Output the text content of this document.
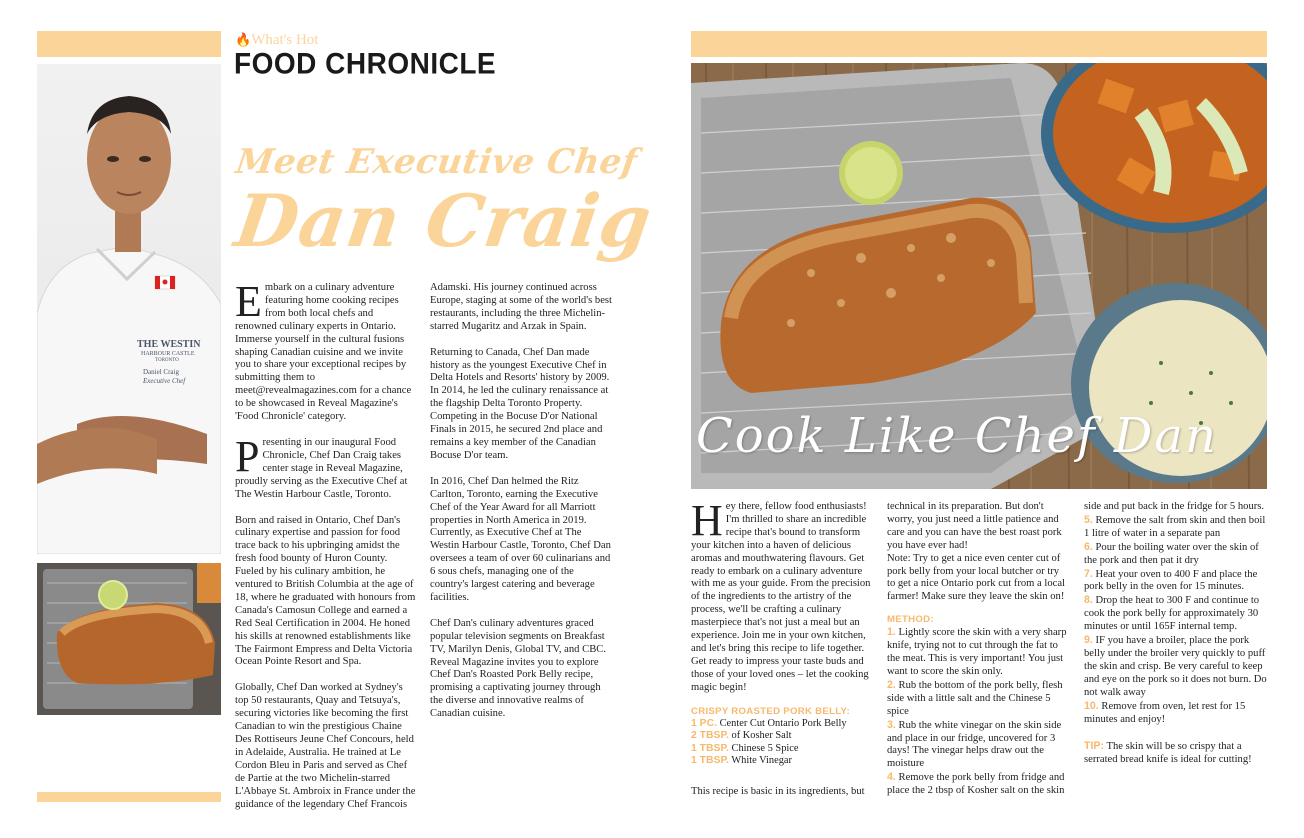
🔥What's Hot
FOOD CHRONICLE
THE WESTIN
HARBOUR CASTLE
TORONTO
Daniel Craig
Executive Chef
Meet Executive Chef
Dan Craig

Embark on a culinary adventure featuring home cooking recipes from both local chefs and renowned culinary experts in Ontario. Immerse yourself in the cultural fusions shaping Canadian cuisine and we invite you to share your exceptional recipes by submitting them to meet@revealmagazines.com for a chance to be showcased in Reveal Magazine's 'Food Chronicle' category.

Presenting in our inaugural Food Chronicle, Chef Dan Craig takes center stage in Reveal Magazine, proudly serving as the Executive Chef at The Westin Harbour Castle, Toronto.

Born and raised in Ontario, Chef Dan's culinary expertise and passion for food trace back to his upbringing amidst the fresh food bounty of Huron County. Fueled by his culinary ambition, he ventured to British Columbia at the age of 18, where he graduated with honours from Canada's Camosun College and earned a Red Seal Certification in 2004. He honed his skills at renowned establishments like The Fairmont Empress and Delta Victoria Ocean Pointe Resort and Spa.

Globally, Chef Dan worked at Sydney's top 50 restaurants, Quay and Tetsuya's, securing victories like becoming the first Canadian to win the prestigious Chaine Des Rottiseurs Jeune Chef Concours, held in Adelaide, Australia. He trained at Le Cordon Bleu in Paris and served as Chef de Partie at the two Michelin-starred L'Abbaye St. Ambroix in France under the guidance of the legendary Chef Francois

Adamski. His journey continued across Europe, staging at some of the world's best restaurants, including the three Michelin-starred Mugaritz and Arzak in Spain.

Returning to Canada, Chef Dan made history as the youngest Executive Chef in Delta Hotels and Resorts' history by 2009. In 2014, he led the culinary renaissance at the flagship Delta Toronto Property. Competing in the Bocuse D'or National Finals in 2015, he secured 2nd place and remains a key member of the Canadian Bocuse D'or team.

In 2016, Chef Dan helmed the Ritz Carlton, Toronto, earning the Executive Chef of the Year Award for all Marriott properties in North America in 2019. Currently, as Executive Chef at The Westin Harbour Castle, Toronto, Chef Dan oversees a team of over 60 culinarians and 6 sous chefs, managing one of the country's largest catering and beverage facilities.

Chef Dan's culinary adventures graced popular television segments on Breakfast TV, Marilyn Denis, Global TV, and CBC. Reveal Magazine invites you to explore Chef Dan's Roasted Pork Belly recipe, promising a captivating journey through the diverse and innovative realms of Canadian cuisine.

Cook Like Chef Dan

Hey there, fellow food enthusiasts! I'm thrilled to share an incredible recipe that's bound to transform your kitchen into a haven of delicious aromas and mouthwatering flavours. Get ready to embark on a culinary adventure with me as your guide. From the precision of the ingredients to the artistry of the process, we'll be crafting a culinary masterpiece that's not just a meal but an experience. Join me in your own kitchen, and let's bring this recipe to life together. Get ready to impress your taste buds and those of your loved ones – let the cooking magic begin!

CRISPY ROASTED PORK BELLY:
1 PC. Center Cut Ontario Pork Belly
2 TBSP. of Kosher Salt
1 TBSP. Chinese 5 Spice
1 TBSP. White Vinegar

This recipe is basic in its ingredients, but

technical in its preparation. But don't worry, you just need a little patience and care and you can have the best roast pork you have ever had!
Note: Try to get a nice even center cut of pork belly from your local butcher or try to get a nice Ontario pork cut from a local farmer! Make sure they leave the skin on!
METHOD:

1. Lightly score the skin with a very sharp knife, trying not to cut through the fat to the meat. This is very important! You just want to score the skin only.

2. Rub the bottom of the pork belly, flesh side with a little salt and the Chinese 5 spice

3. Rub the white vinegar on the skin side and place in our fridge, uncovered for 3 days! The vinegar helps draw out the moisture

4. Remove the pork belly from fridge and place the 2 tbsp of Kosher salt on the skin

side and put back in the fridge for 5 hours.

5. Remove the salt from skin and then boil 1 litre of water in a separate pan

6. Pour the boiling water over the skin of the pork and then pat it dry

7. Heat your oven to 400 F and place the pork belly in the oven for 15 minutes.

8. Drop the heat to 300 F and continue to cook the pork belly for approximately 30 minutes or until 165F internal temp.

9. IF you have a broiler, place the pork belly under the broiler very quickly to puff the skin and crisp. Be very careful to keep and eye on the pork so it does not burn. Do not walk away

10. Remove from oven, let rest for 15 minutes and enjoy!

TIP: The skin will be so crispy that a serrated bread knife is ideal for cutting!
